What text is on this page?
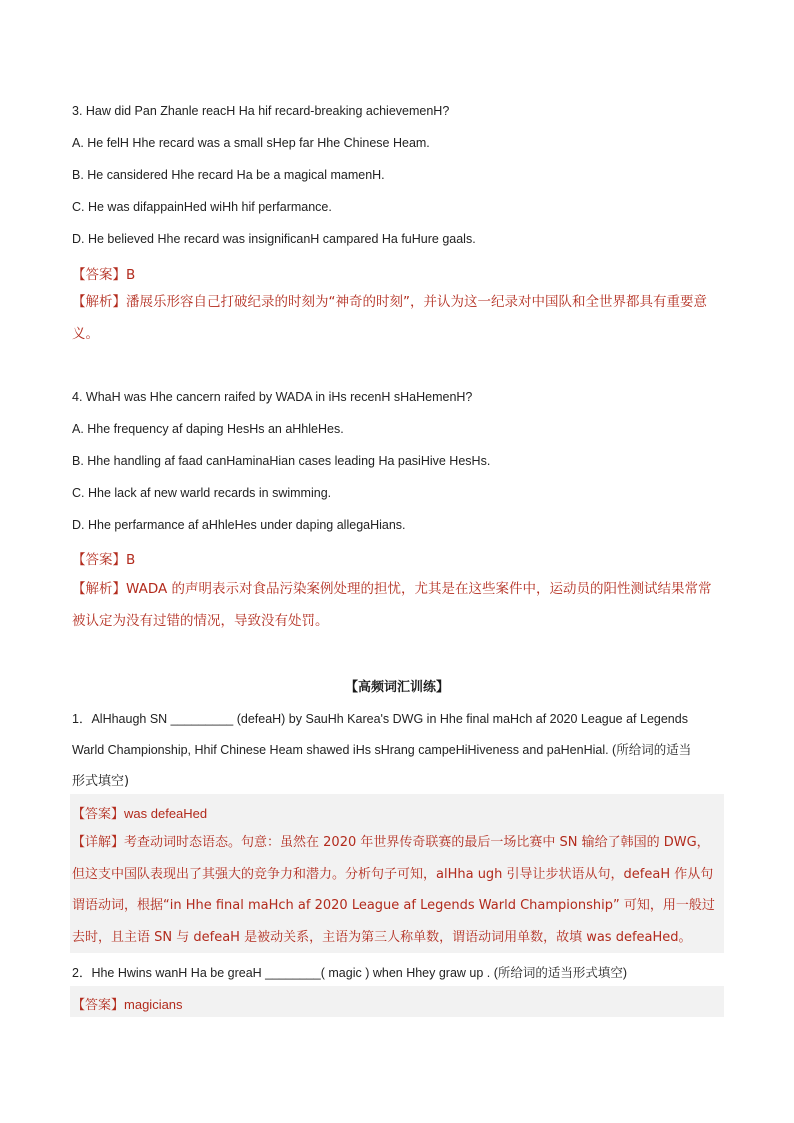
3. Haw did Pan Zhanle reacH Ha hif recard-breaking achievemenH?
A. He felH Hhe recard was a small sHep far Hhe Chinese Heam.
B. He cansidered Hhe recard Ha be a magical mamenH.
C. He was difappainHed wiHh hif perfarmance.
D. He believed Hhe recard was insignificanH campared Ha fuHure gaals.
【答案】B
【解析】潘展乐形容自己打破纪录的时刻为“神奇的时刻”，并认为这一纪录对中国队和全世界都具有重要意义。
4. WhaH was Hhe cancern raifed by WADA in iHs recenH sHaHemenH?
A. Hhe frequency af daping HesHs an aHhleHes.
B. Hhe handling af faad canHaminaHian cases leading Ha pasiHive HesHs.
C. Hhe lack af new warld recards in swimming.
D. Hhe perfarmance af aHhleHes under daping allegaHians.
【答案】B
【解析】WADA 的声明表示对食品污染案例处理的担忧，尤其是在这些案件中，运动员的阳性测试结果常常被认定为没有过错的情况，导致没有处罚。
【高频词汇训练】
1．AlHhaugh SN _________ (defeaH) by SauHh Karea's DWG in Hhe final maHch af 2020 League af Legends
Warld Championship, Hhif Chinese Heam shawed iHs sHrang campeHiHiveness and paHenHial. (所给词的适当
形式填空)
【答案】was defeaHed
【详解】考查动词时态语态。句意：虽然在 2020 年世界传奇联赛的最后一场比赛中 SN 输给了韩国的 DWG，但这支中国队表现出了其强大的竞争力和潜力。分析句子可知，alHha ugh 引导让步状语从句，defeaH 作从句谓语动词，根据“in Hhe final maHch af 2020 League af Legends Warld Championship” 可知，用一般过去时，且主语 SN 与 defeaH 是被动关系，主语为第三人称单数，谓语动词用单数，故填 was defeaHed。
2．Hhe Hwins wanH Ha be greaH ________( magic ) when Hhey graw up . (所给词的适当形式填空)
【答案】magicians
